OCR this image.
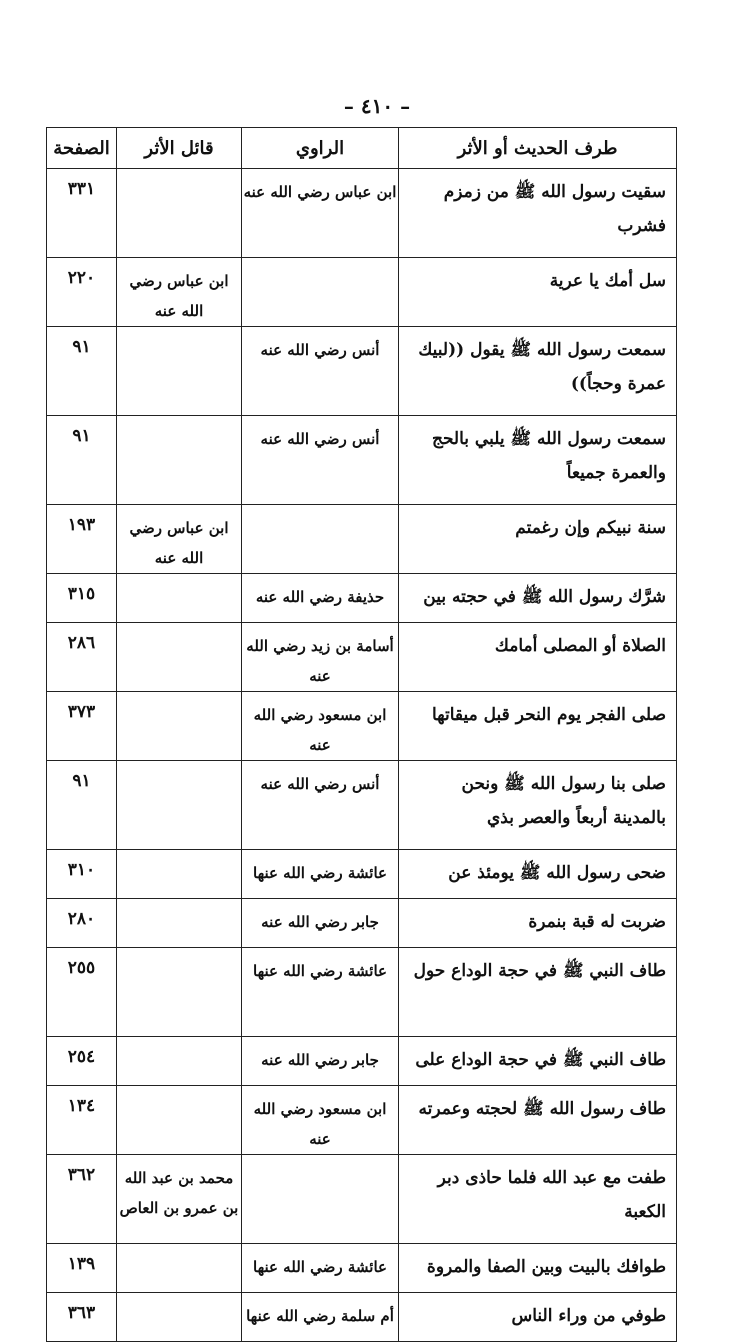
– ٤١٠ –
الصفحة	قائل الأثر	الراوي	طرف الحديث أو الأثر
٣٣١		ابن عباس رضي الله عنه	سقيت رسول الله ﷺ من زمزم فشرب
٢٢٠	ابن عباس رضي الله عنه		سل أمك يا عرية
٩١		أنس رضي الله عنه	سمعت رسول الله ﷺ يقول ((لبيك عمرة وحجاً))
٩١		أنس رضي الله عنه	سمعت رسول الله ﷺ يلبي بالحج والعمرة جميعاً
١٩٣	ابن عباس رضي الله عنه		سنة نبيكم وإن رغمتم
٣١٥		حذيفة رضي الله عنه	شرَّك رسول الله ﷺ في حجته بين
٢٨٦		أسامة بن زيد رضي الله عنه	الصلاة أو المصلى أمامك
٣٧٣		ابن مسعود رضي الله عنه	صلى الفجر يوم النحر قبل ميقاتها
٩١		أنس رضي الله عنه	صلى بنا رسول الله ﷺ ونحن بالمدينة أربعاً والعصر بذي
٣١٠		عائشة رضي الله عنها	ضحى رسول الله ﷺ يومئذ عن
٢٨٠		جابر رضي الله عنه	ضربت له قبة بنمرة
٢٥٥		عائشة رضي الله عنها	طاف النبي ﷺ في حجة الوداع حول
٢٥٤		جابر رضي الله عنه	طاف النبي ﷺ في حجة الوداع على
١٣٤		ابن مسعود رضي الله عنه	طاف رسول الله ﷺ لحجته وعمرته
٣٦٢	محمد بن عبد الله بن عمرو بن العاص		طفت مع عبد الله فلما حاذى دبر الكعبة
١٣٩		عائشة رضي الله عنها	طوافك بالبيت وبين الصفا والمروة
٣٦٣		أم سلمة رضي الله عنها	طوفي من وراء الناس
